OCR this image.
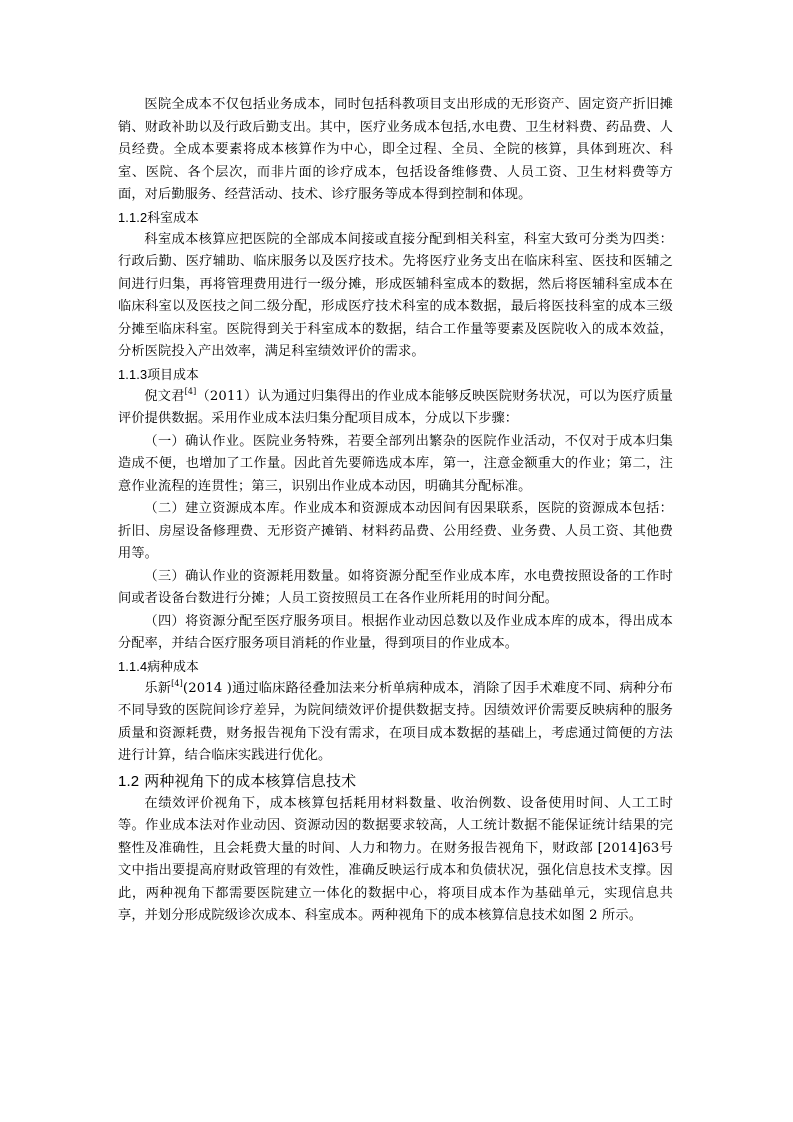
医院全成本不仅包括业务成本，同时包括科教项目支出形成的无形资产、固定资产折旧摊销、财政补助以及行政后勤支出。其中，医疗业务成本包括,水电费、卫生材料费、药品费、人员经费。全成本要素将成本核算作为中心，即全过程、全员、全院的核算，具体到班次、科室、医院、各个层次，而非片面的诊疗成本，包括设备维修费、人员工资、卫生材料费等方面，对后勤服务、经营活动、技术、诊疗服务等成本得到控制和体现。

1.1.2科室成本

科室成本核算应把医院的全部成本间接或直接分配到相关科室，科室大致可分类为四类：行政后勤、医疗辅助、临床服务以及医疗技术。先将医疗业务支出在临床科室、医技和医辅之间进行归集，再将管理费用进行一级分摊，形成医辅科室成本的数据，然后将医辅科室成本在临床科室以及医技之间二级分配，形成医疗技术科室的成本数据，最后将医技科室的成本三级分摊至临床科室。医院得到关于科室成本的数据，结合工作量等要素及医院收入的成本效益，分析医院投入产出效率，满足科室绩效评价的需求。

1.1.3项目成本

倪文君[4]（2011）认为通过归集得出的作业成本能够反映医院财务状况，可以为医疗质量评价提供数据。采用作业成本法归集分配项目成本，分成以下步骤：

（一）确认作业。医院业务特殊，若要全部列出繁杂的医院作业活动，不仅对于成本归集造成不便，也增加了工作量。因此首先要筛选成本库，第一，注意金额重大的作业；第二，注意作业流程的连贯性；第三，识别出作业成本动因，明确其分配标准。

（二）建立资源成本库。作业成本和资源成本动因间有因果联系，医院的资源成本包括：折旧、房屋设备修理费、无形资产摊销、材料药品费、公用经费、业务费、人员工资、其他费用等。

（三）确认作业的资源耗用数量。如将资源分配至作业成本库，水电费按照设备的工作时间或者设备台数进行分摊；人员工资按照员工在各作业所耗用的时间分配。

（四）将资源分配至医疗服务项目。根据作业动因总数以及作业成本库的成本，得出成本分配率，并结合医疗服务项目消耗的作业量，得到项目的作业成本。

1.1.4病种成本

乐新[4](2014 )通过临床路径叠加法来分析单病种成本，消除了因手术难度不同、病种分布不同导致的医院间诊疗差异，为院间绩效评价提供数据支持。因绩效评价需要反映病种的服务质量和资源耗费，财务报告视角下没有需求，在项目成本数据的基础上，考虑通过简便的方法进行计算，结合临床实践进行优化。

1.2 两种视角下的成本核算信息技术

在绩效评价视角下，成本核算包括耗用材料数量、收治例数、设备使用时间、人工工时等。作业成本法对作业动因、资源动因的数据要求较高，人工统计数据不能保证统计结果的完整性及准确性，且会耗费大量的时间、人力和物力。在财务报告视角下，财政部 [2014]63号文中指出要提高府财政管理的有效性，准确反映运行成本和负债状况，强化信息技术支撑。因此，两种视角下都需要医院建立一体化的数据中心，将项目成本作为基础单元，实现信息共享，并划分形成院级诊次成本、科室成本。两种视角下的成本核算信息技术如图 2 所示。
